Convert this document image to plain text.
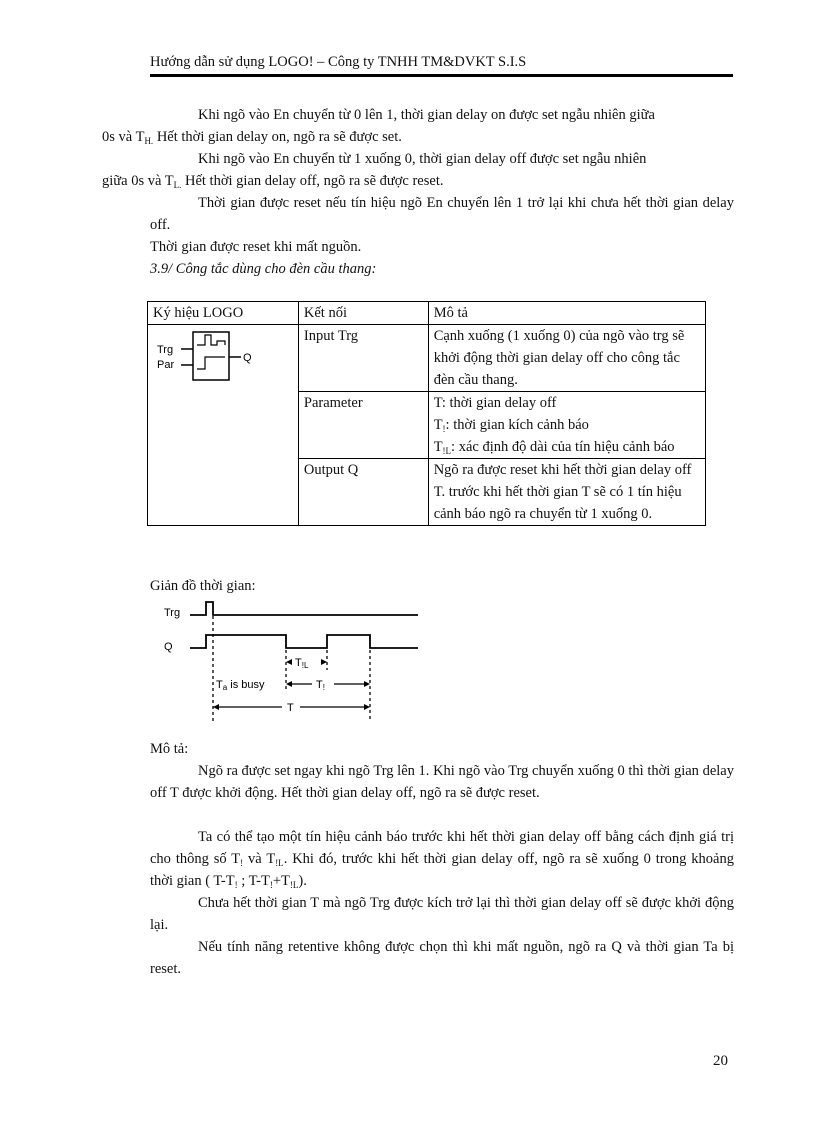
Hướng dẫn sử dụng LOGO! – Công ty TNHH TM&DVKT S.I.S
Khi ngõ vào En chuyển từ 0 lên 1, thời gian delay on được set ngẫu nhiên giữa
0s và $T_{H.}$ Hết thời gian delay on, ngõ ra sẽ được set.
Khi ngõ vào En chuyển từ 1 xuống 0, thời gian delay off được set ngẫu nhiên
giữa 0s và $T_{L.}$ Hết thời gian delay off, ngõ ra sẽ được reset.
Thời gian được reset nếu tín hiệu ngõ En chuyển lên 1 trở lại khi chưa hết thời gian delay off.
Thời gian được reset khi mất nguồn.
3.9/ Công tắc dùng cho đèn cầu thang:
Ký hiệu LOGO	Kết nối	Mô tả

Trg
Par
Q	Input Trg	Cạnh xuống (1 xuống 0) của ngõ vào trg sẽ khởi động thời gian delay off cho công tắc đèn cầu thang.
	Parameter	T: thời gian delay off
$T_!$: thời gian kích cảnh báo
$T_{!L}$: xác định độ dài của tín hiệu cảnh báo

	Output Q	Ngõ ra được reset khi hết thời gian delay off T. trước khi hết thời gian T sẽ có 1 tín hiệu cảnh báo ngõ ra chuyển từ 1 xuống 0.
Giản đồ thời gian:
Trg
Q
T!L
Ta is busy	T!
T
Mô tả:
Ngõ ra được set ngay khi ngõ Trg lên 1. Khi ngõ vào Trg chuyển xuống 0 thì thời gian delay off T được khởi động. Hết thời gian delay off, ngõ ra sẽ được reset.
Ta có thể tạo một tín hiệu cảnh báo trước khi hết thời gian delay off bằng cách định giá trị cho thông số $T_!$ và $T_{!L}$. Khi đó, trước khi hết thời gian delay off, ngõ ra sẽ xuống 0 trong khoảng thời gian ( $T-T_!$ ; $T-T_!+T_{!L}$).
Chưa hết thời gian T mà ngõ Trg được kích trở lại thì thời gian delay off sẽ được khởi động lại.
Nếu tính năng retentive không được chọn thì khi mất nguồn, ngõ ra Q và thời gian Ta bị reset.
20
